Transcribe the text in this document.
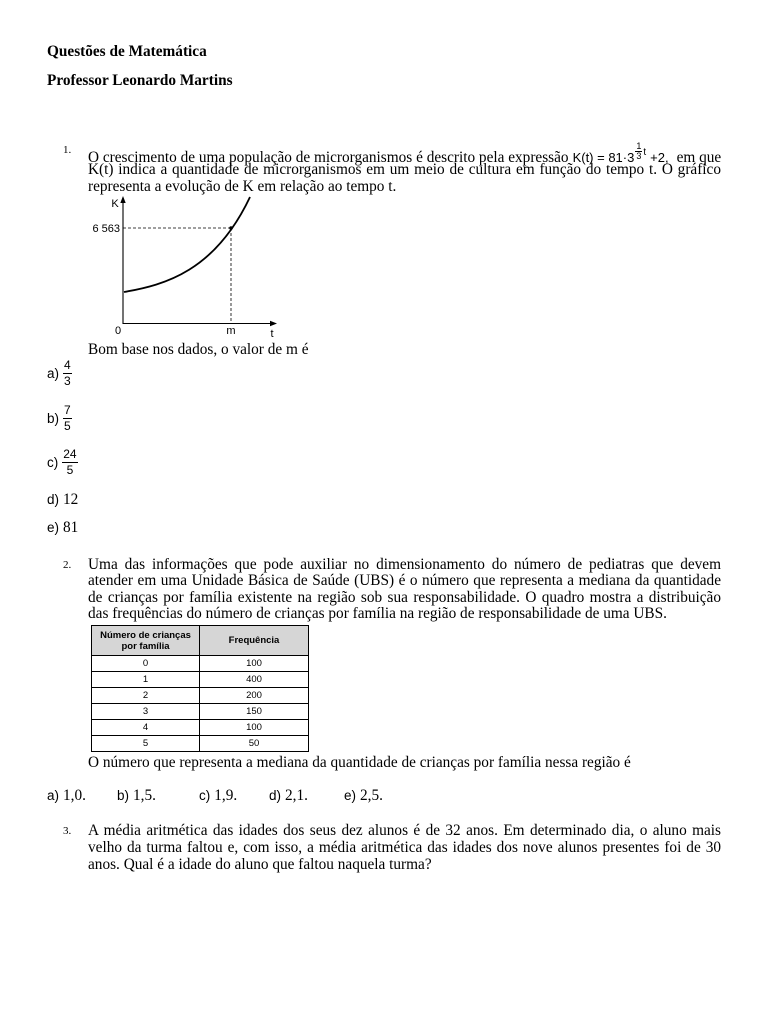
Questões de Matemática
Professor Leonardo Martins
1. O crescimento de uma população de microrganismos é descrito pela expressão $K(t) = 81\cdot 3 \frac{1}{3}$ t +2, em que
K(t) indica a quantidade de microrganismos em um meio de cultura em função do tempo t. O gráfico
representa a evolução de K em relação ao tempo t.
K
6 563
0	m	t
Bom base nos dados, o valor de m é
$a) \frac{4}{3}$
$b) \frac{7}{5}$
$c) \frac{24}{5}$
d) 12
e) 81
2. Uma das informações que pode auxiliar no dimensionamento do número de pediatras que devem
atender em uma Unidade Básica de Saúde (UBS) é o número que representa a mediana da quantidade
de crianças por família existente na região sob sua responsabilidade. O quadro mostra a distribuição
das frequências do número de crianças por família na região de responsabilidade de uma UBS.
Número de crianças por família	Frequência
0	100
1	400
2	200
3	150
4	100
5	50
O número que representa a mediana da quantidade de crianças por família nessa região é
a) 1,0. b) 1,5.	c) 1,9. d) 2,1.	e) 2,5.
3. A média aritmética das idades dos seus dez alunos é de 32 anos. Em determinado dia, o aluno mais
velho da turma faltou e, com isso, a média aritmética das idades dos nove alunos presentes foi de 30
anos. Qual é a idade do aluno que faltou naquela turma?
